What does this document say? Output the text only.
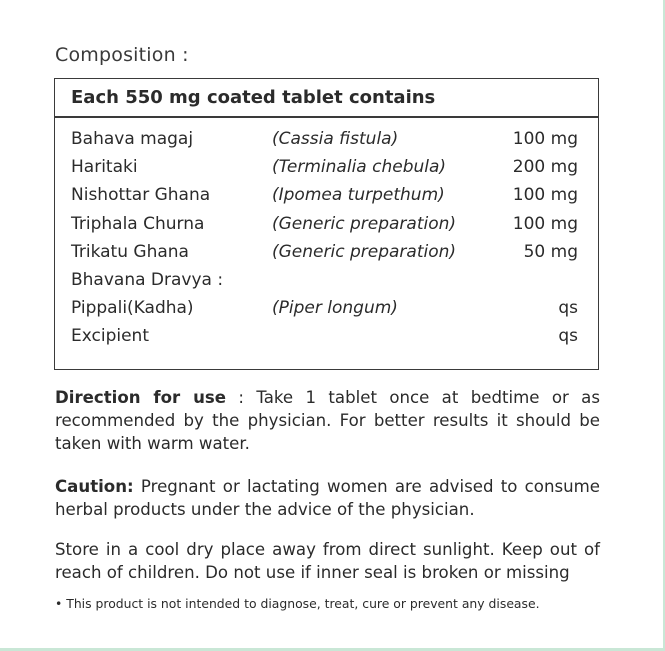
Composition :
Each 550 mg coated tablet contains
Bahava magaj	(Cassia fistula)	100 mg
Haritaki	(Terminalia chebula)	200 mg
Nishottar Ghana	(Ipomea turpethum)	100 mg
Triphala Churna	(Generic preparation)	100 mg
Trikatu Ghana	(Generic preparation)	50 mg
Bhavana Dravya :
Pippali(Kadha)	(Piper longum)	qs
Excipient	qs
Direction for use : Take 1 tablet once at bedtime or as recommended by the physician. For better results it should be taken with warm water.
Caution: Pregnant or lactating women are advised to consume herbal products under the advice of the physician.
Store in a cool dry place away from direct sunlight. Keep out of reach of children. Do not use if inner seal is broken or missing
• This product is not intended to diagnose, treat, cure or prevent any disease.
